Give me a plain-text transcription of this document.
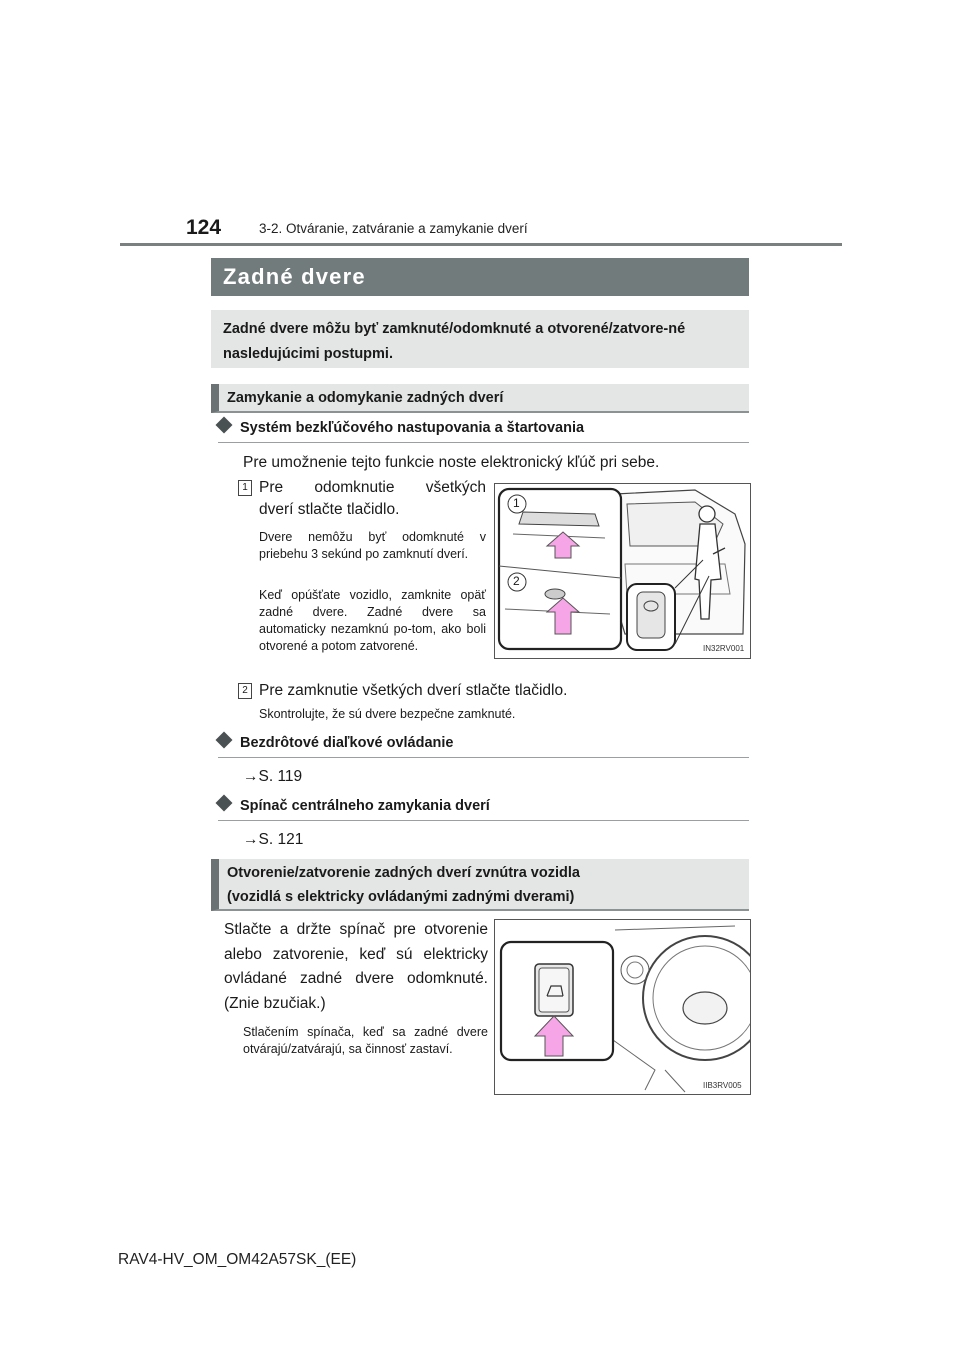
124	3-2. Otváranie, zatváranie a zamykanie dverí
Zadné dvere
Zadné dvere môžu byť zamknuté/odomknuté a otvorené/zatvore-né nasledujúcimi postupmi.
Zamykanie a odomykanie zadných dverí
Systém bezkľúčového nastupovania a štartovania
Pre umožnenie tejto funkcie noste elektronický kľúč pri sebe.
1 Pre odomknutie všetkých
dverí stlačte tlačidlo.
Dvere nemôžu byť odomknuté v priebehu 3 sekúnd po zamknutí dverí.
Keď opúšťate vozidlo, zamknite opäť zadné dvere. Zadné dvere sa automaticky nezamknú po-tom, ako boli otvorené a potom zatvorené.
1
2
IN32RV001
2 Pre zamknutie všetkých dverí stlačte tlačidlo.
Skontrolujte, že sú dvere bezpečne zamknuté.
Bezdrôtové diaľkové ovládanie
→S. 119
Spínač centrálneho zamykania dverí
→S. 121
Otvorenie/zatvorenie zadných dverí zvnútra vozidla
(vozidlá s elektricky ovládanými zadnými dverami)
Stlačte a držte spínač pre otvorenie alebo zatvorenie, keď sú elektricky ovládané zadné dvere odomknuté. (Znie bzučiak.)
Stlačením spínača, keď sa zadné dvere otvárajú/zatvárajú, sa činnosť zastaví.
IIB3RV005
RAV4-HV_OM_OM42A57SK_(EE)
